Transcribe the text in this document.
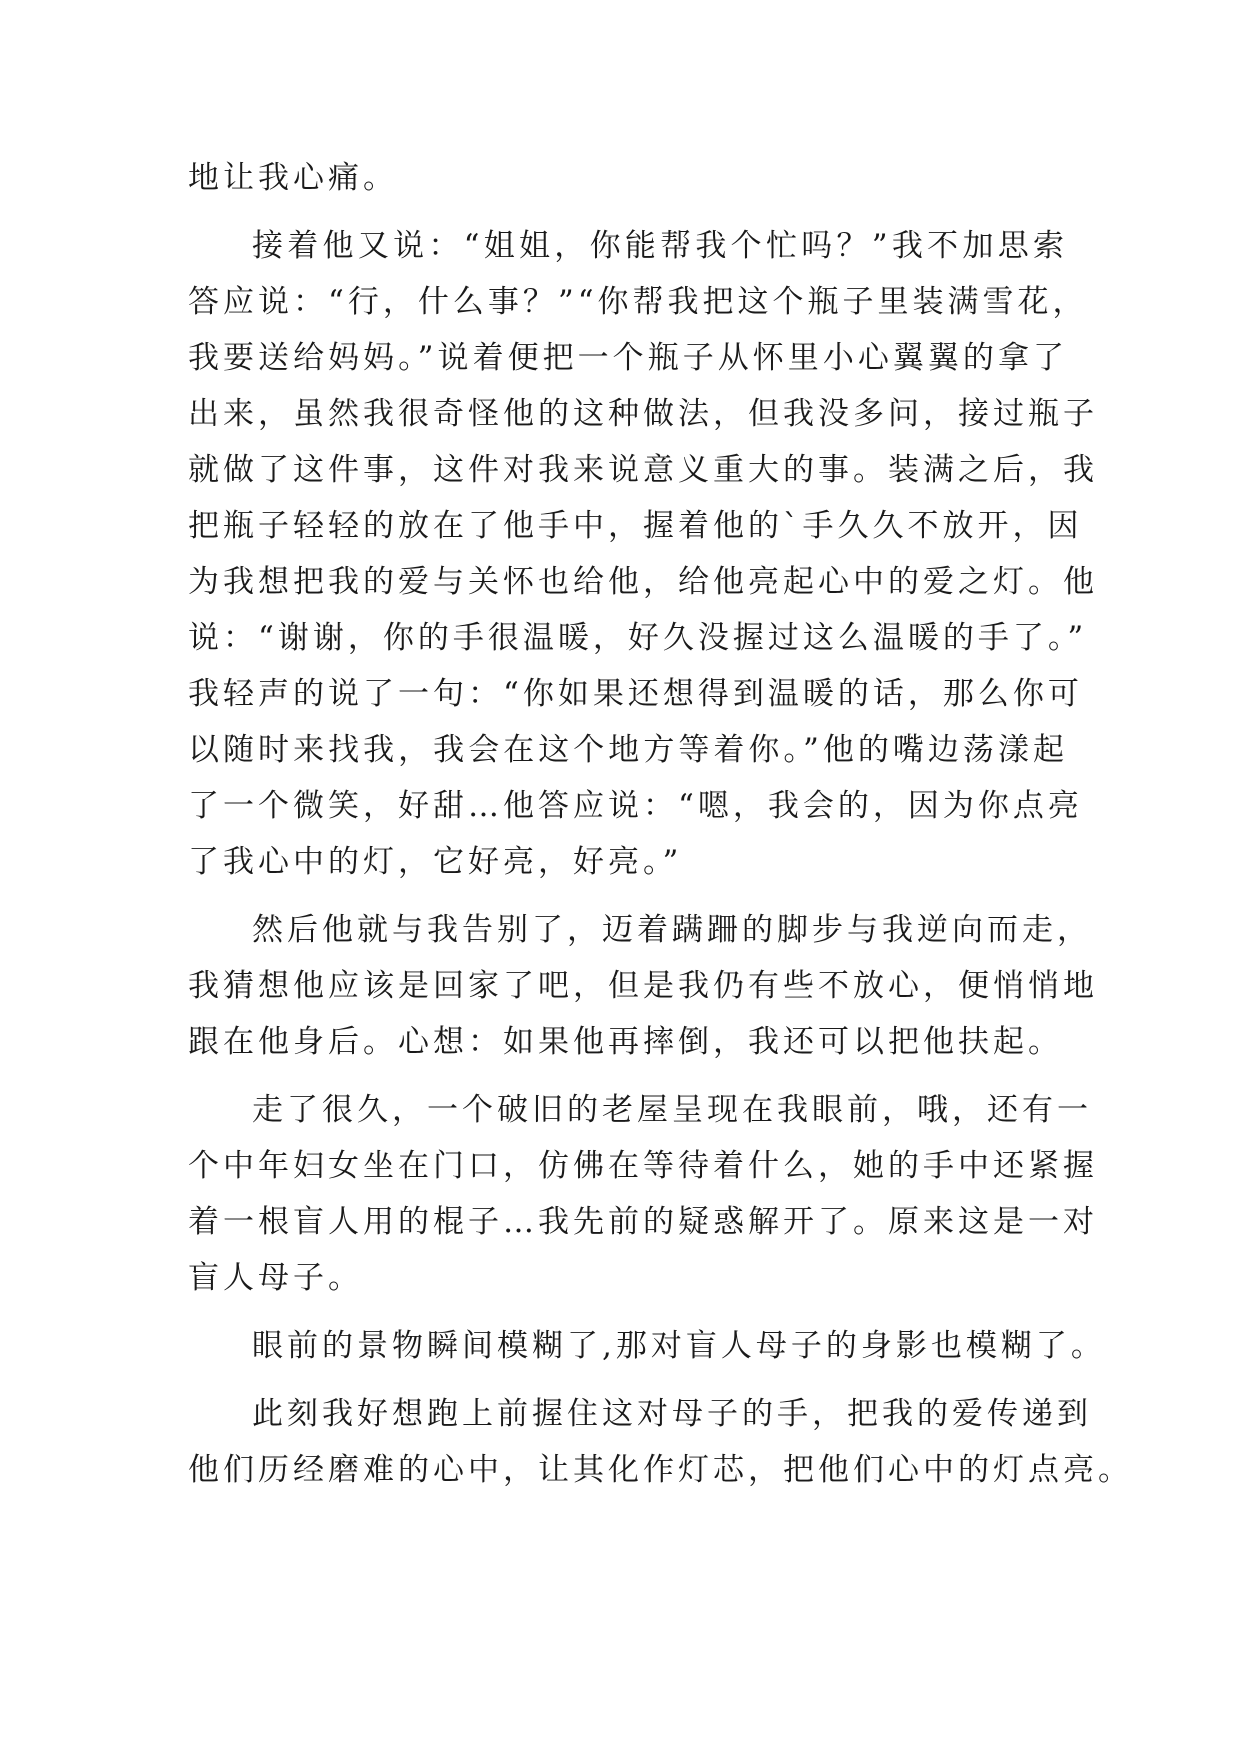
地让我心痛。
接着他又说：“姐姐，你能帮我个忙吗？”我不加思索
答应说：“行，什么事？”“你帮我把这个瓶子里装满雪花，
我要送给妈妈。”说着便把一个瓶子从怀里小心翼翼的拿了
出来，虽然我很奇怪他的这种做法，但我没多问，接过瓶子
就做了这件事，这件对我来说意义重大的事。装满之后，我
把瓶子轻轻的放在了他手中，握着他的`手久久不放开，因
为我想把我的爱与关怀也给他，给他亮起心中的爱之灯。他
说：“谢谢，你的手很温暖，好久没握过这么温暖的手了。”
我轻声的说了一句：“你如果还想得到温暖的话，那么你可
以随时来找我，我会在这个地方等着你。”他的嘴边荡漾起
了一个微笑，好甜…他答应说：“嗯，我会的，因为你点亮
了我心中的灯，它好亮，好亮。”
然后他就与我告别了，迈着蹒跚的脚步与我逆向而走，
我猜想他应该是回家了吧，但是我仍有些不放心，便悄悄地
跟在他身后。心想：如果他再摔倒，我还可以把他扶起。
走了很久，一个破旧的老屋呈现在我眼前，哦，还有一
个中年妇女坐在门口，仿佛在等待着什么，她的手中还紧握
着一根盲人用的棍子…我先前的疑惑解开了。原来这是一对
盲人母子。
眼前的景物瞬间模糊了,那对盲人母子的身影也模糊了。
此刻我好想跑上前握住这对母子的手，把我的爱传递到
他们历经磨难的心中，让其化作灯芯，把他们心中的灯点亮。
